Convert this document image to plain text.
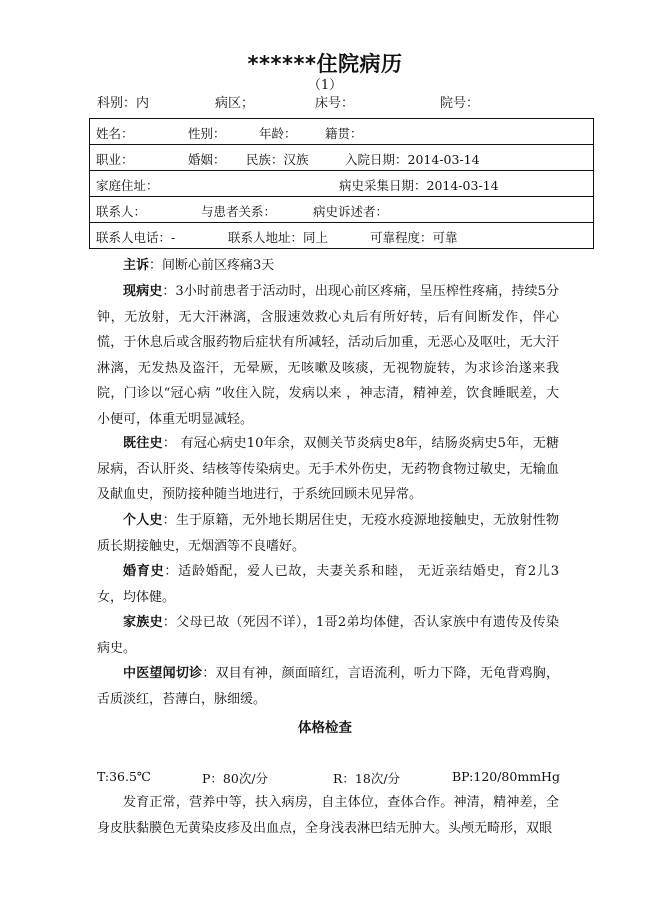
******住院病历
（1）
科别：内	病区；	床号：	院号：
姓名：	性别：	年龄： 籍贯：

职业：	婚姻： 民族：汉族	入院日期：2014-03-14

家庭住址：	病史采集日期：2014-03-14

联系人：	与患者关系：	病史诉述者：

联系人电话：-	联系人地址：同上	可靠程度：可靠
主诉：间断心前区疼痛3天
现病史：3小时前患者于活动时，出现心前区疼痛，呈压榨性疼痛，持续5分钟，无放射，无大汗淋漓，含服速效救心丸后有所好转，后有间断发作，伴心慌，于休息后或含服药物后症状有所减轻，活动后加重，无恶心及呕吐，无大汗淋漓，无发热及盗汗，无晕厥，无咳嗽及咳痰，无视物旋转，为求诊治遂来我院，门诊以“冠心病 ”收住入院，发病以来 ，神志清，精神差，饮食睡眠差，大小便可，体重无明显减轻。
既往史： 有冠心病史10年余，双侧关节炎病史8年，结肠炎病史5年，无糖尿病，否认肝炎、结核等传染病史。无手术外伤史，无药物食物过敏史，无输血及献血史，预防接种随当地进行，于系统回顾未见异常。
个人史：生于原籍，无外地长期居住史，无疫水疫源地接触史，无放射性物质长期接触史，无烟酒等不良嗜好。
婚育史：适龄婚配，爱人已故，夫妻关系和睦， 无近亲结婚史，育2儿3女，均体健。
家族史：父母已故（死因不详），1哥2弟均体健，否认家族中有遗传及传染病史。
中医望闻切诊：双目有神，颜面暗红，言语流利，听力下降，无龟背鸡胸，舌质淡红，苔薄白，脉细缓。
体格检查
T:36.5℃	P：80次/分	R：18次/分	BP:120/80mmHg
发育正常，营养中等，扶入病房，自主体位，查体合作。神清，精神差，全身皮肤黏膜色无黄染皮疹及出血点，全身浅表淋巴结无肿大。头颅无畸形，双眼
